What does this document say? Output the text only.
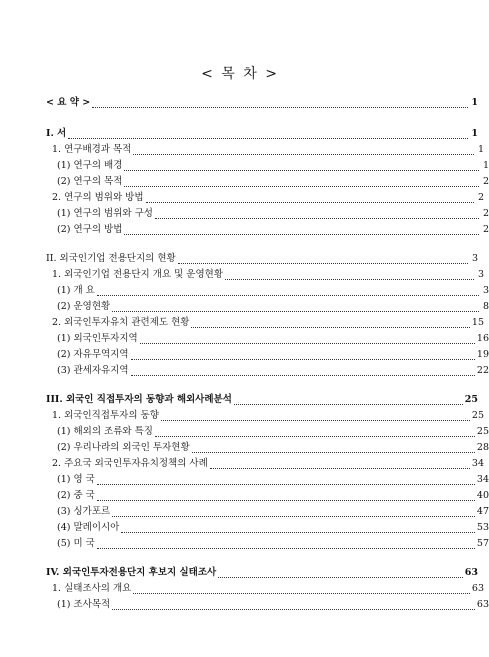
< 목 차 >
< 요 약 >	1
I. 서	1
1. 연구배경과 목적	1
(1) 연구의 배경	1
(2) 연구의 목적	2
2. 연구의 범위와 방법	2
(1) 연구의 범위와 구성	2
(2) 연구의 방법	2
II. 외국인기업 전용단지의 현황	3
1. 외국인기업 전용단지 개요 및 운영현황	3
(1) 개 요	3
(2) 운영현황	8
2. 외국인투자유치 관련제도 현황	15
(1) 외국인투자지역	16
(2) 자유무역지역	19
(3) 관세자유지역	22
III. 외국인 직접투자의 동향과 해외사례분석	25
1. 외국인직접투자의 동향	25
(1) 해외의 조류와 특징	25
(2) 우리나라의 외국인 투자현황	28
2. 주요국 외국인투자유치정책의 사례	34
(1) 영 국	34
(2) 중 국	40
(3) 싱가포르	47
(4) 말레이시아	53
(5) 미 국	57
IV. 외국인투자전용단지 후보지 실태조사	63
1. 실태조사의 개요	63
(1) 조사목적	63
